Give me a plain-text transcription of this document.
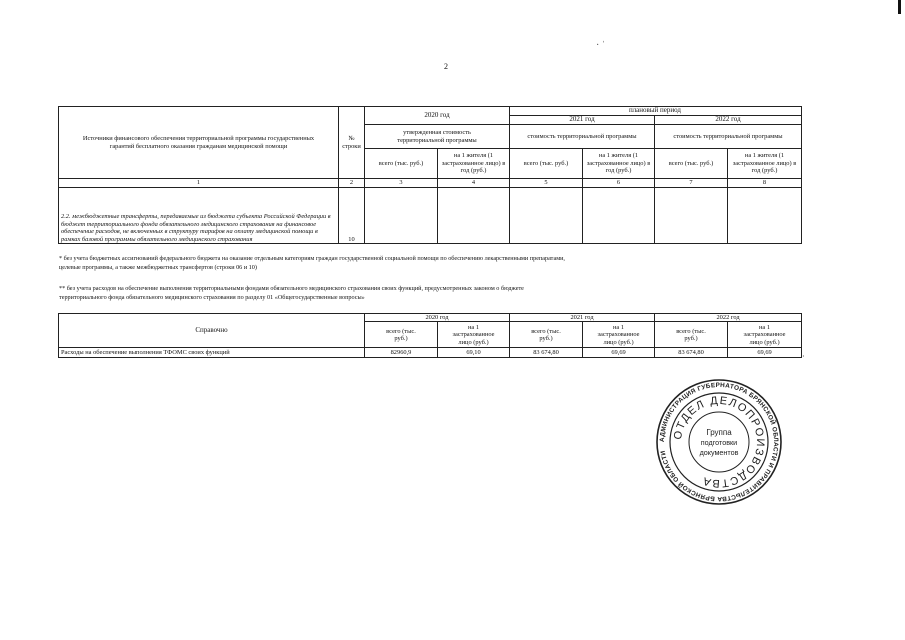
2
· ˈ
Источники финансового обеспечения территориальной программы государственных гарантий бесплатного оказания гражданам медицинской помощи	№ строки	2020 год		плановый период			
				2021 год		2022 год	
		утвержденная стоимость территориальной программы		стоимость территориальной программы		стоимость территориальной программы	
		всего (тыс. руб.)	на 1 жителя (1 застрахованное лицо) в год (руб.)	всего (тыс. руб.)	на 1 жителя (1 застрахованное лицо) в год (руб.)	всего (тыс. руб.)	на 1 жителя (1 застрахованное лицо) в год (руб.)
1	2	3	4	5	6	7	8
2.2. межбюджетные трансферты, передаваемые из бюджета субъекта Российской Федерации в бюджет территориального фонда обязательного медицинского страхования на финансовое обеспечение расходов, не включенных в структуру тарифов на оплату медицинской помощи в рамках базовой программы обязательного медицинского страхования	10						
* без учета бюджетных ассигнований федерального бюджета на оказание отдельным категориям граждан государственной социальной помощи по обеспечению лекарственными препаратами,
целевые программы, а также межбюджетных трансфертов (строки 06 и 10)
** без учета расходов на обеспечение выполнения территориальными фондами обязательного медицинского страхования своих функций, предусмотренных законом о бюджете
территориального фонда обязательного медицинского страхования по разделу 01 «Общегосударственные вопросы»
Справочно	2020 год		2021 год		2022 год	
	всего (тыс. руб.)	на 1 застрахованное лицо (руб.)	всего (тыс. руб.)	на 1 застрахованное лицо (руб.)	всего (тыс. руб.)	на 1 застрахованное лицо (руб.)
Расходы на обеспечение выполнения ТФОМС своих функций	82960,9	69,10	83 674,80	69,69	83 674,80	69,69	·
АДМИНИСТРАЦИЯ ГУБЕРНАТОРА БРЯНСКОЙ ОБЛАСТИ И ПРАВИТЕЛЬСТВА БРЯНСКОЙ ОБЛАСТИ
ОТДЕЛ ДЕЛОПРОИЗВОДСТВА
Группа
подготовки
документов
